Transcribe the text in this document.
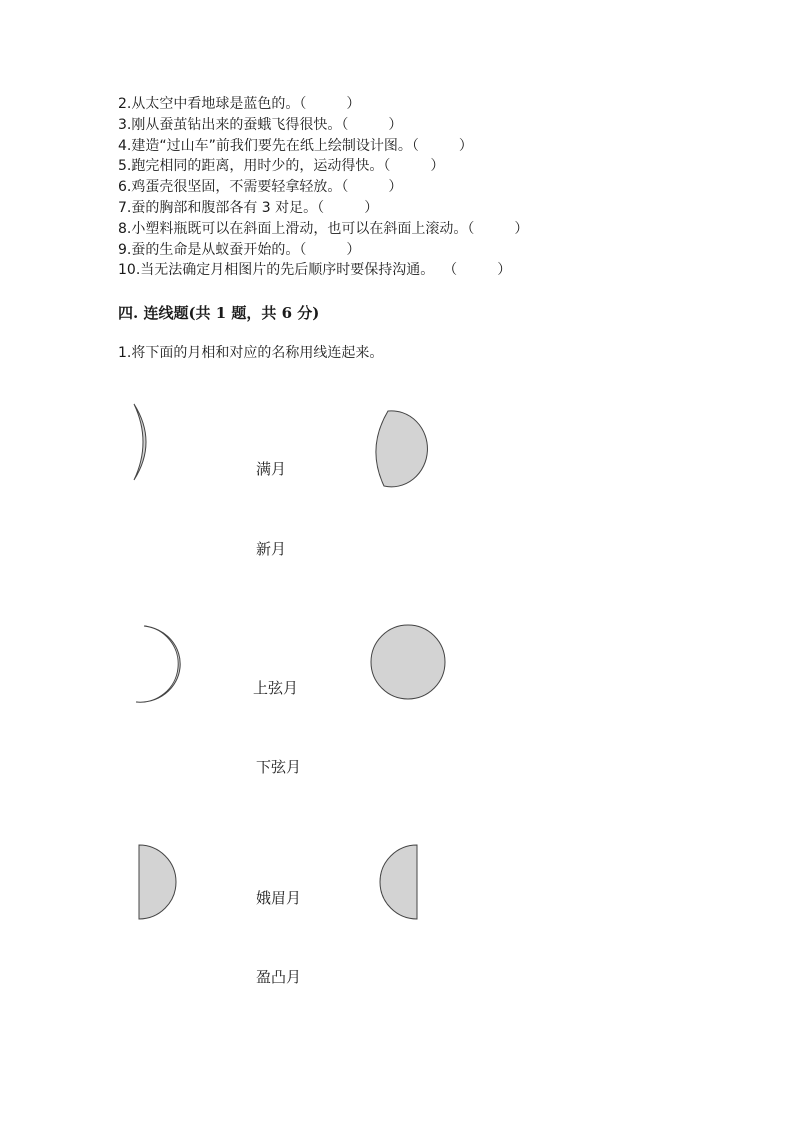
2.从太空中看地球是蓝色的。（         ）
3.刚从蚕茧钻出来的蚕蛾飞得很快。（         ）
4.建造“过山车”前我们要先在纸上绘制设计图。（         ）
5.跑完相同的距离，用时少的，运动得快。（         ）
6.鸡蛋壳很坚固，不需要轻拿轻放。（         ）
7.蚕的胸部和腹部各有 3 对足。（         ）
8.小塑料瓶既可以在斜面上滑动，也可以在斜面上滚动。（         ）
9.蚕的生命是从蚁蚕开始的。（         ）
10.当无法确定月相图片的先后顺序时要保持沟通。  （         ）
四. 连线题(共 1 题，共 6 分)
1.将下面的月相和对应的名称用线连起来。
满月
新月
上弦月
下弦月
娥眉月
盈凸月
